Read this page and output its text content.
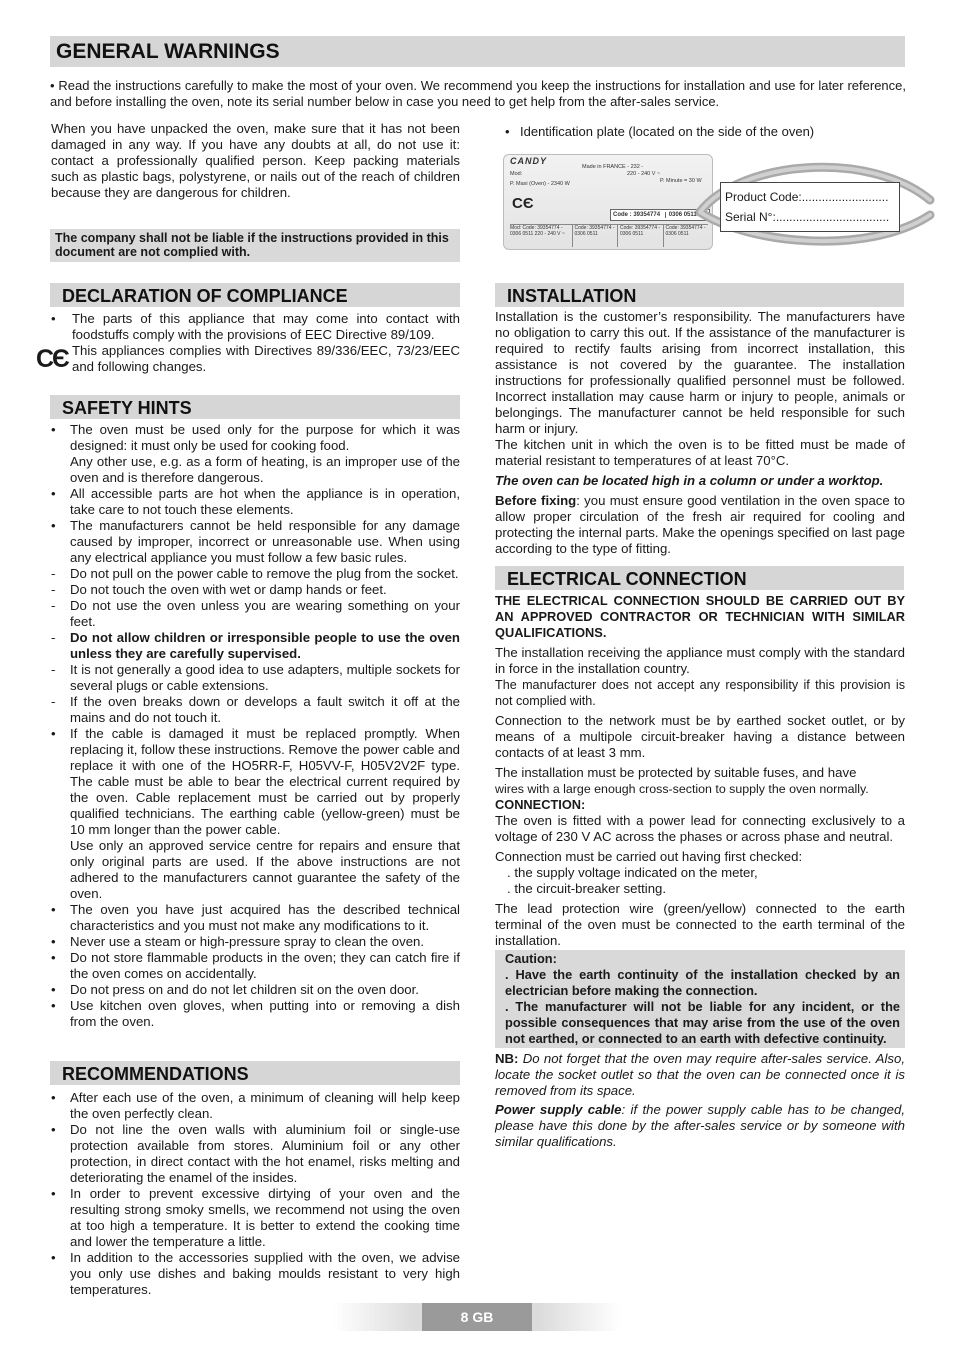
GENERAL WARNINGS
• Read the instructions carefully to make the most of your oven. We recommend you keep the instructions for installation and use for later reference, and before installing the oven, note its serial number below in case you need to get help from the after-sales service.
When you have unpacked the oven, make sure that it has not been damaged in any way. If you have any doubts at all, do not use it: contact a professionally qualified person. Keep packing materials such as plastic bags, polystyrene, or nails out of the reach of children because they are dangerous for children.
The company shall not be liable if the instructions provided in this document are not complied with.
• Identification plate (located on the side of the oven)
CANDY
Made in FRANCE - 232 -
220 - 240 V ~
P. Minute = 30 W
Mod:
P. Maxi (Oven) - 2340 W
CЄ
Code : 39354774 0306 0511
Mod: Code: 39354774 - 0306 0511 220 - 240 V ~
Code: 39354774 - 0306 0511
Code: 39354774 - 0306 0511
Code: 39354774 - 0306 0511
Product Code:..........................
Serial N°:..................................
DECLARATION OF COMPLIANCE
•	The parts of this appliance that may come into contact with foodstuffs comply with the provisions of EEC Directive 89/109.
CЄ This appliances complies with Directives 89/336/EEC, 73/23/EEC and following changes.
SAFETY HINTS
•	The oven must be used only for the purpose for which it was designed: it must only be used for cooking food.
Any other use, e.g. as a form of heating, is an improper use of the oven and is therefore dangerous.
•	All accessible parts are hot when the appliance is in operation, take care to not touch these elements.
•	The manufacturers cannot be held responsible for any damage caused by improper, incorrect or unreasonable use. When using any electrical appliance you must follow a few basic rules.
-	Do not pull on the power cable to remove the plug from the socket.
-	Do not touch the oven with wet or damp hands or feet.
-	Do not use the oven unless you are wearing something on your feet.
-	Do not allow children or irresponsible people to use the oven unless they are carefully supervised.
-	It is not generally a good idea to use adapters, multiple sockets for several plugs or cable extensions.
-	If the oven breaks down or develops a fault switch it off at the mains and do not touch it.
•	If the cable is damaged it must be replaced promptly. When replacing it, follow these instructions. Remove the power cable and replace it with one of the HO5RR-F, H05VV-F, H05V2V2F type. The cable must be able to bear the electrical current required by the oven. Cable replacement must be carried out by properly qualified technicians. The earthing cable (yellow-green) must be 10 mm longer than the power cable.
Use only an approved service centre for repairs and ensure that only original parts are used. If the above instructions are not adhered to the manufacturers cannot guarantee the safety of the oven.
•	The oven you have just acquired has the described technical characteristics and you must not make any modifications to it.
•	Never use a steam or high-pressure spray to clean the oven.
•	Do not store flammable products in the oven; they can catch fire if the oven comes on accidentally.
•	Do not press on and do not let children sit on the oven door.
•	Use kitchen oven gloves, when putting into or removing a dish from the oven.
RECOMMENDATIONS
•	After each use of the oven, a minimum of cleaning will help keep the oven perfectly clean.
•	Do not line the oven walls with aluminium foil or single-use protection available from stores. Aluminium foil or any other protection, in direct contact with the hot enamel, risks melting and deteriorating the enamel of the insides.
•	In order to prevent excessive dirtying of your oven and the resulting strong smoky smells, we recommend not using the oven at too high a temperature. It is better to extend the cooking time and lower the temperature a little.
•	In addition to the accessories supplied with the oven, we advise you only use dishes and baking moulds resistant to very high temperatures.
INSTALLATION

Installation is the customer’s responsibility. The manufacturers have no obligation to carry this out. If the assistance of the manufacturer is required to rectify faults arising from incorrect installation, this assistance is not covered by the guarantee. The installation instructions for professionally qualified personnel must be followed. Incorrect installation may cause harm or injury to people, animals or belongings. The manufacturer cannot be held responsible for such harm or injury.

The kitchen unit in which the oven is to be fitted must be made of material resistant to temperatures of at least 70°C.

The oven can be located high in a column or under a worktop.

Before fixing: you must ensure good ventilation in the oven space to allow proper circulation of the fresh air required for cooling and protecting the internal parts. Make the openings specified on last page according to the type of fitting.

ELECTRICAL CONNECTION

THE ELECTRICAL CONNECTION SHOULD BE CARRIED OUT BY AN APPROVED CONTRACTOR OR TECHNICIAN WITH SIMILAR QUALIFICATIONS.

The installation receiving the appliance must comply with the standard in force in the installation country.

The manufacturer does not accept any responsibility if this provision is not complied with.

Connection to the network must be by earthed socket outlet, or by means of a multipole circuit-breaker having a distance between contacts of at least 3 mm.

The installation must be protected by suitable fuses, and have

wires with a large enough cross-section to supply the oven normally.

CONNECTION:

The oven is fitted with a power lead for connecting exclusively to a voltage of 230 V AC across the phases or across phase and neutral.

Connection must be carried out having first checked:

. the supply voltage indicated on the meter,

. the circuit-breaker setting.

The lead protection wire (green/yellow) connected to the earth terminal of the oven must be connected to the earth terminal of the installation.

Caution:

. Have the earth continuity of the installation checked by an electrician before making the connection.

. The manufacturer will not be liable for any incident, or the possible consequences that may arise from the use of the oven not earthed, or connected to an earth with defective continuity.

NB: Do not forget that the oven may require after-sales service. Also, locate the socket outlet so that the oven can be connected once it is removed from its space.

Power supply cable: if the power supply cable has to be changed, please have this done by the after-sales service or by someone with similar qualifications.

8 GB
